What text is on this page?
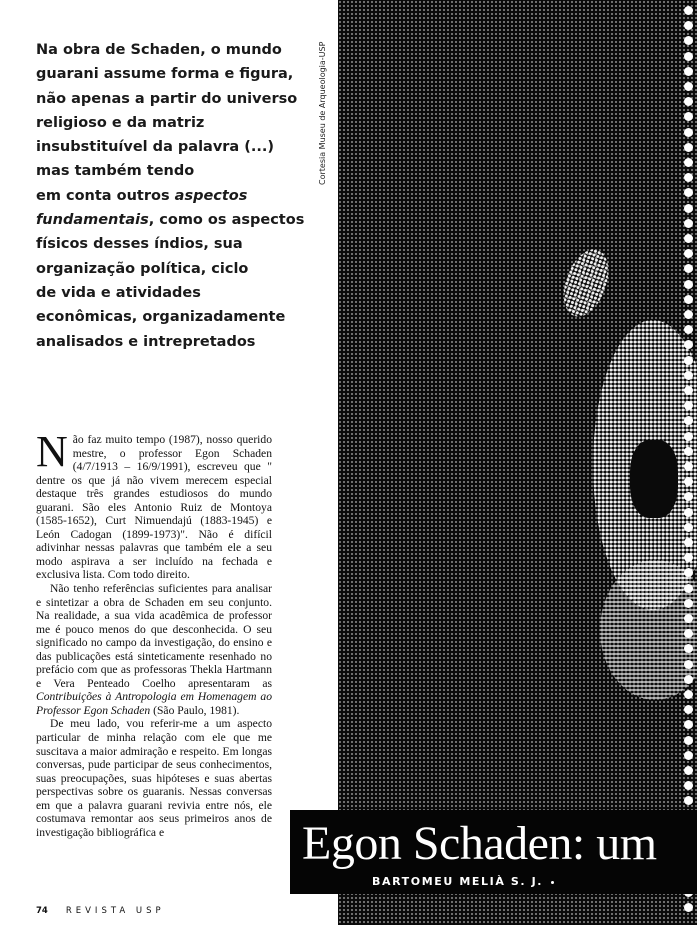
Na obra de Schaden, o mundo
guarani assume forma e figura,
não apenas a partir do universo
religioso e da matriz
insubstituível da palavra (...)
mas também tendo
em conta outros aspectos
fundamentais, como os aspectos
físicos desses índios, sua
organização política, ciclo
de vida e atividades
econômicas, organizadamente
analisados e intrepretados
Cortesia Museu de Arqueologia-USP

Não faz muito tempo (1987), nosso querido mestre, o professor Egon Schaden (4/7/1913 – 16/9/1991), escreveu que " dentre os que já não vivem merecem especial destaque três grandes estudiosos do mundo guarani. São eles Antonio Ruiz de Montoya (1585-1652), Curt Nimuendajú (1883-1945) e León Cadogan (1899-1973)". Não é difícil adivinhar nessas palavras que também ele a seu modo aspirava a ser incluído na fechada e exclusiva lista. Com todo direito.

Não tenho referências suficientes para analisar e sintetizar a obra de Schaden em seu conjunto. Na realidade, a sua vida acadêmica de professor me é pouco menos do que desconhecida. O seu significado no campo da investigação, do ensino e das publicações está sinteticamente resenhado no prefácio com que as professoras Thekla Hartmann e Vera Penteado Coelho apresentaram as Contribuições à Antropologia em Homenagem ao Professor Egon Schaden (São Paulo, 1981).

De meu lado, vou referir-me a um aspecto particular de minha relação com ele que me suscitava a maior admiração e respeito. Em longas conversas, pude participar de seus conhecimentos, suas preocupações, suas hipóteses e suas abertas perspectivas sobre os guaranis. Nessas conversas em que a palavra guarani revivia entre nós, ele costumava remontar aos seus primeiros anos de investigação bibliográfica e	Egon Schaden: um
BARTOMEU MELIÀ S. J.
74 REVISTA USP
